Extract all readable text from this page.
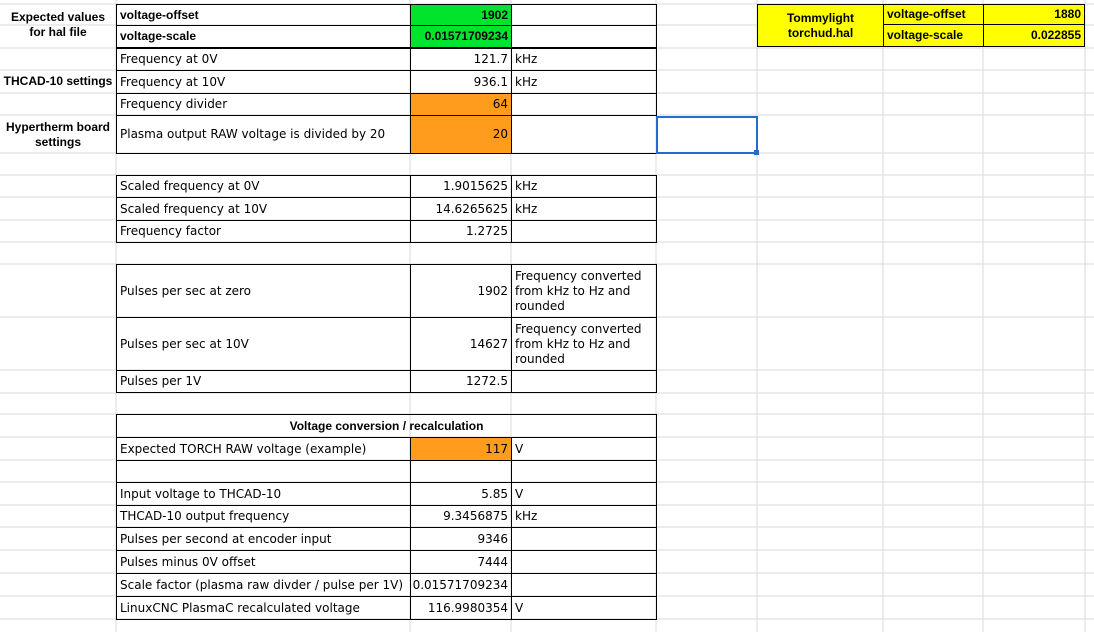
Expected values for hal file
voltage-offset	1902
voltage-scale	0.01571709234
Tommylight torchud.hal
voltage-offset	1880
voltage-scale	0.022855
THCAD-10 settings
Frequency at 0V	121.7 kHz
Frequency at 10V	936.1 kHz
Frequency divider	64
Hypertherm board settings
Plasma output RAW voltage is divided by 20	20
Scaled frequency at 0V	1.9015625 kHz
Scaled frequency at 10V	14.6265625 kHz
Frequency factor	1.2725
Pulses per sec at zero	1902
Frequency converted from kHz to Hz and rounded
Pulses per sec at 10V	14627
Frequency converted from kHz to Hz and rounded
Pulses per 1V	1272.5
Voltage conversion / recalculation
Expected TORCH RAW voltage (example)	117 V
Input voltage to THCAD-10	5.85 V
THCAD-10 output frequency	9.3456875 kHz
Pulses per second at encoder input	9346
Pulses minus 0V offset	7444
Scale factor (plasma raw divder / pulse per 1V) 0.01571709234
LinuxCNC PlasmaC recalculated voltage	116.9980354 V
